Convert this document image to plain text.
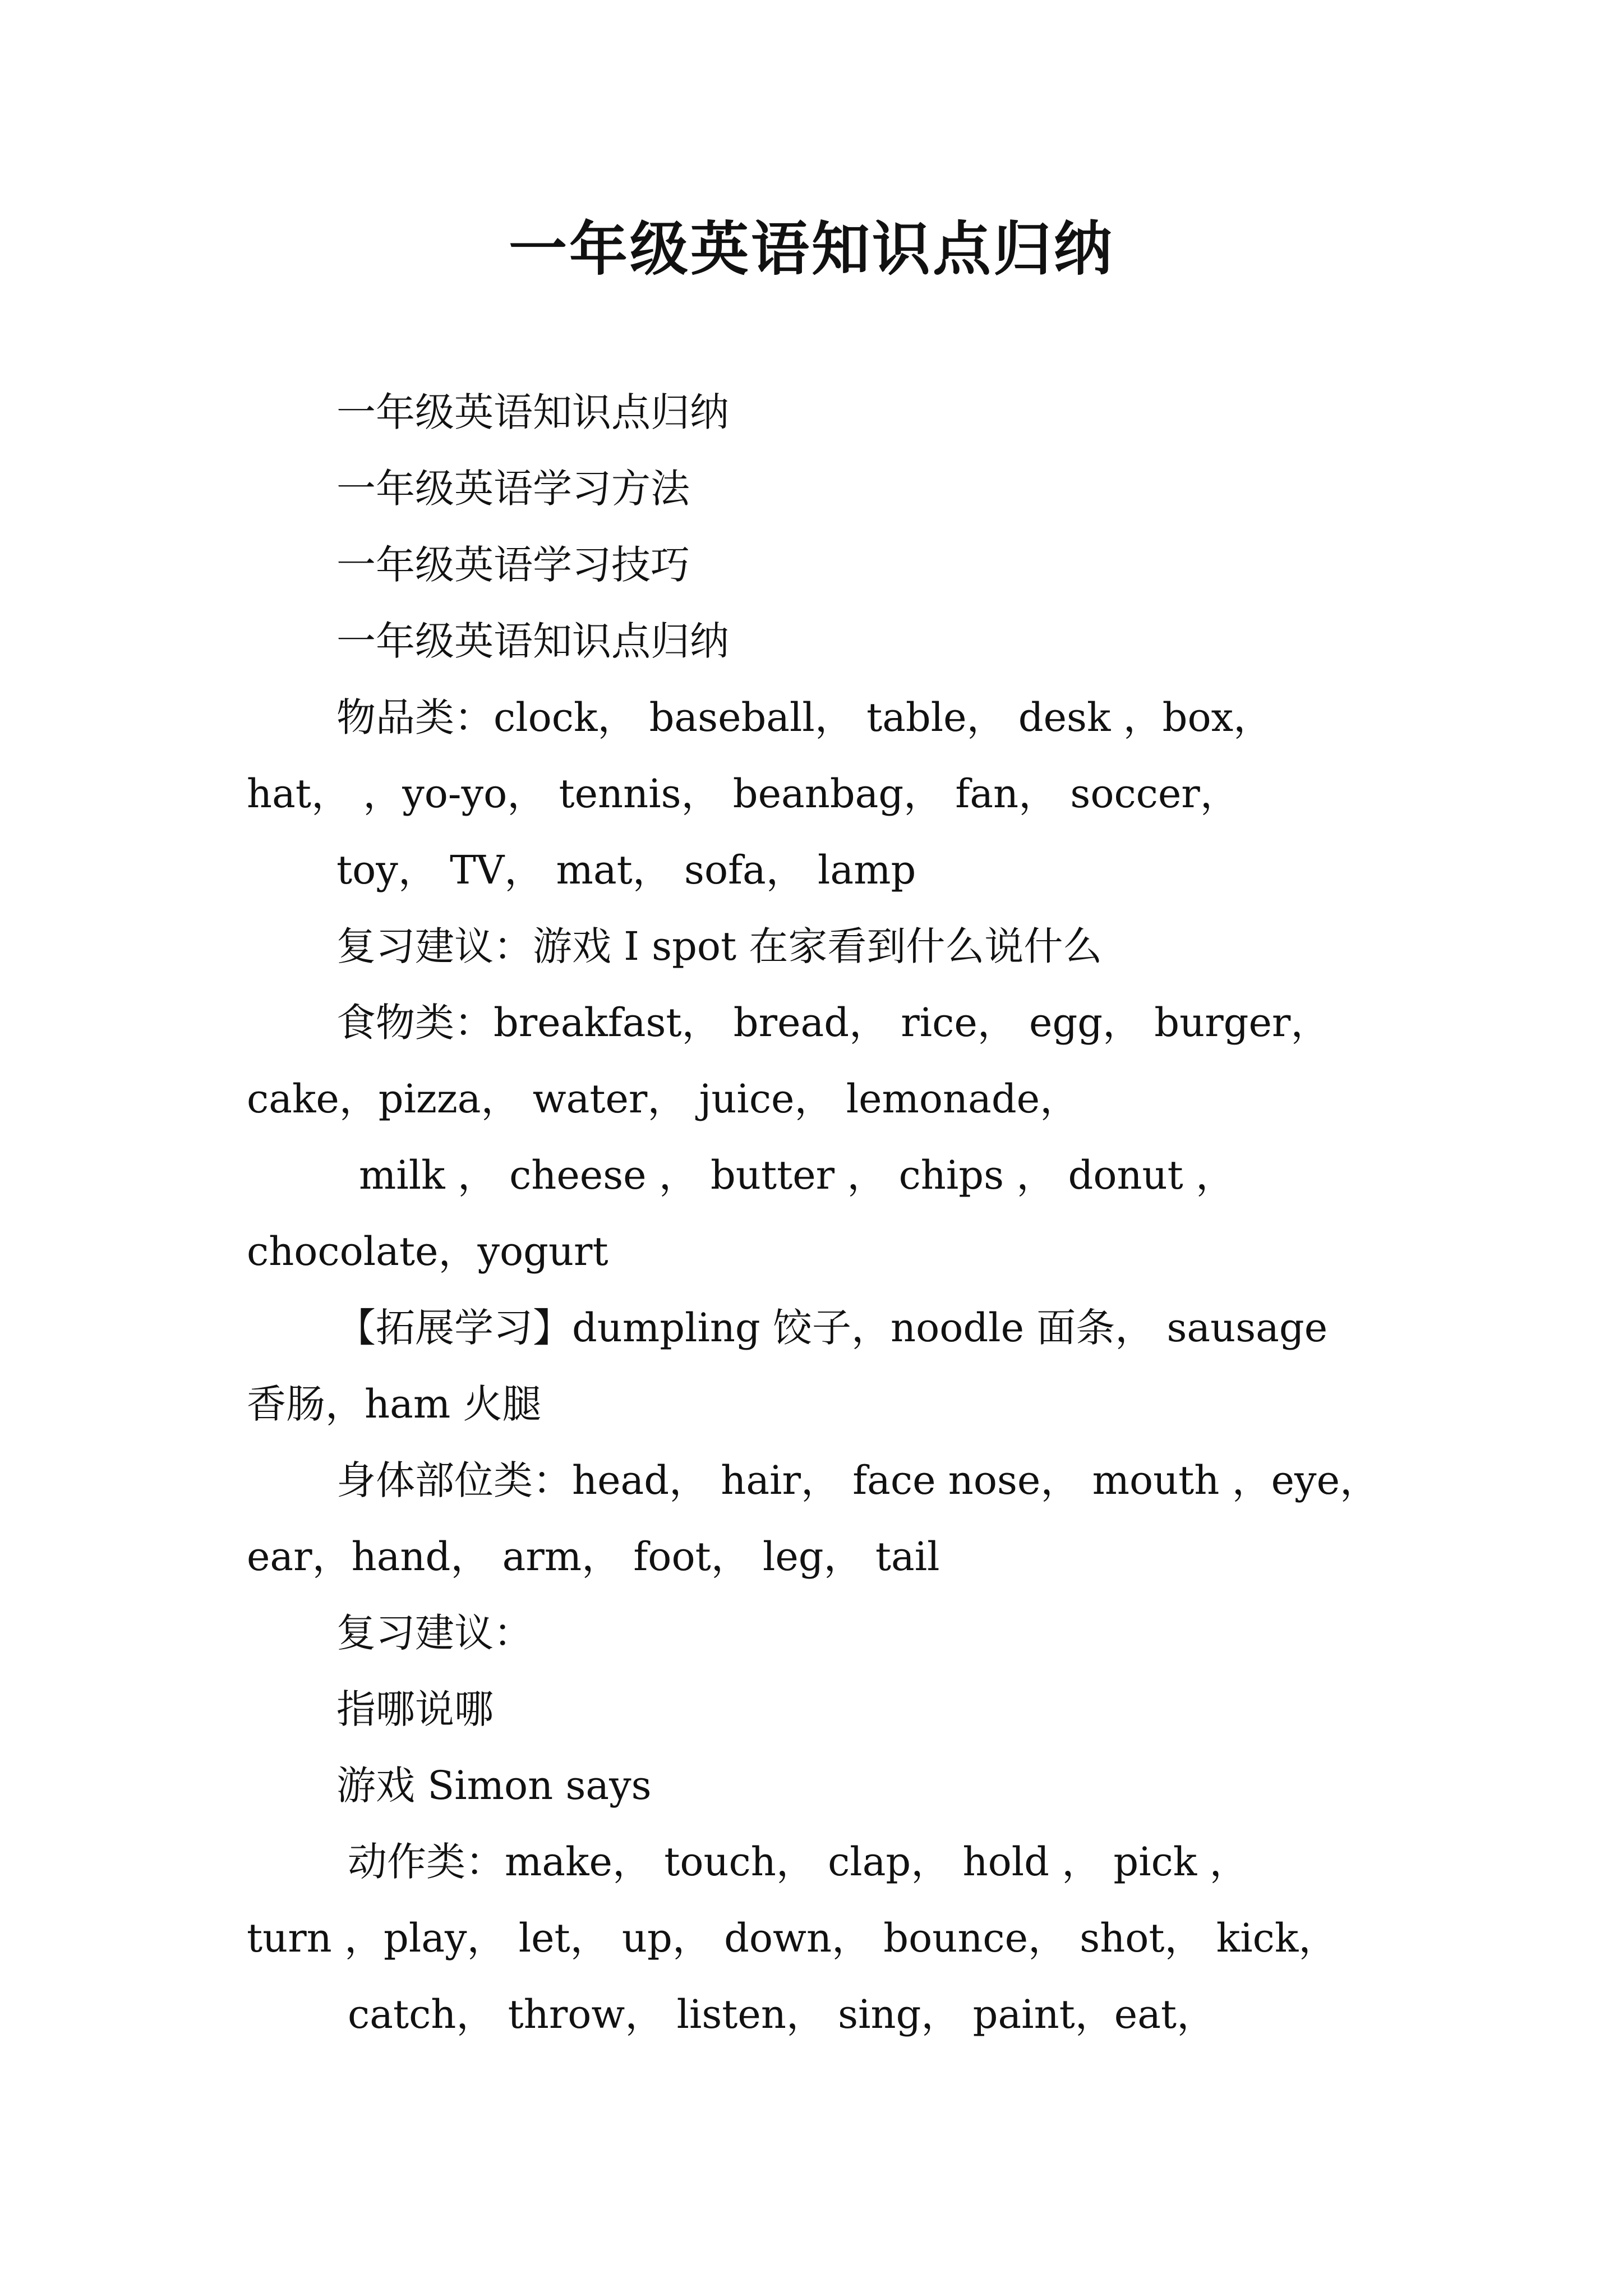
一年级英语知识点归纳
一年级英语知识点归纳
一年级英语学习方法
一年级英语学习技巧
一年级英语知识点归纳
物品类：clock， baseball， table， desk ，box，
hat， ，yo-yo， tennis， beanbag， fan， soccer，
toy， TV， mat， sofa， lamp
复习建议：游戏 I spot 在家看到什么说什么
食物类：breakfast， bread， rice， egg， burger，
cake，pizza， water， juice， lemonade，
milk ， cheese ， butter ， chips ， donut ，
chocolate，yogurt
【拓展学习】dumpling 饺子，noodle 面条， sausage
香肠，ham 火腿
身体部位类：head， hair， face nose， mouth ，eye，
ear，hand， arm， foot， leg， tail
复习建议：
指哪说哪
游戏 Simon says
动作类：make， touch， clap， hold ， pick ，
turn ，play， let， up， down， bounce， shot， kick，
catch， throw， listen， sing， paint，eat，
